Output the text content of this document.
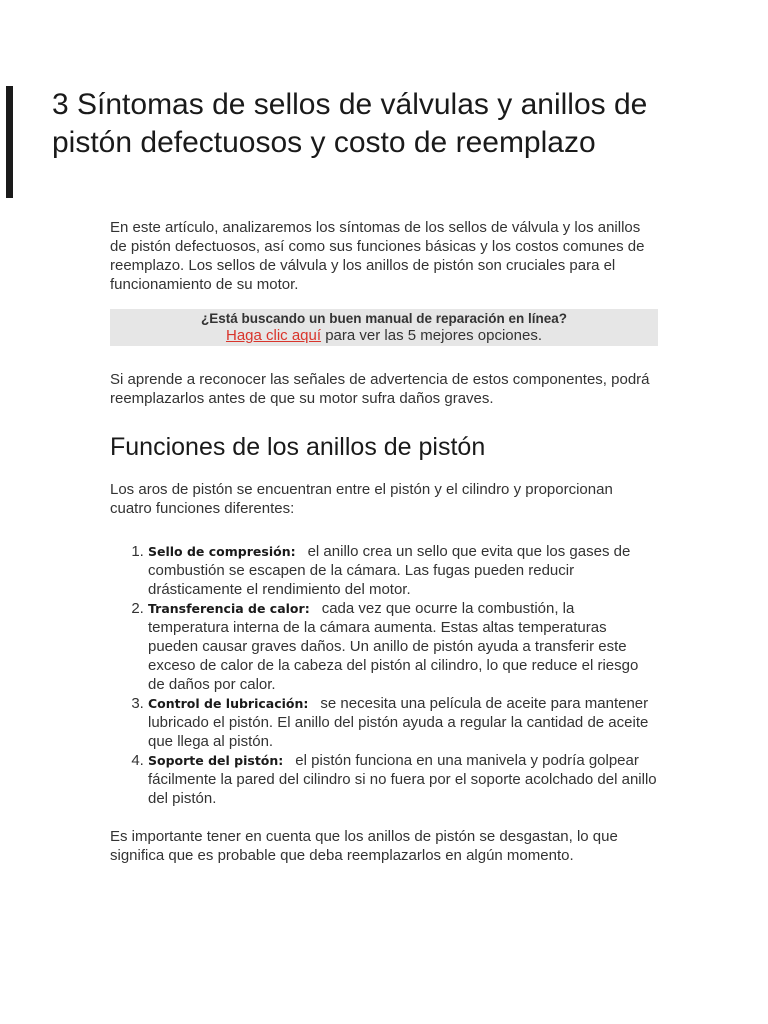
3 Síntomas de sellos de válvulas y anillos de pistón defectuosos y costo de reemplazo

En este artículo, analizaremos los síntomas de los sellos de válvula y los anillos de pistón defectuosos, así como sus funciones básicas y los costos comunes de reemplazo. Los sellos de válvula y los anillos de pistón son cruciales para el funcionamiento de su motor.

¿Está buscando un buen manual de reparación en línea?
Haga clic aquí para ver las 5 mejores opciones.

Si aprende a reconocer las señales de advertencia de estos componentes, podrá reemplazarlos antes de que su motor sufra daños graves.

Funciones de los anillos de pistón

Los aros de pistón se encuentran entre el pistón y el cilindro y proporcionan cuatro funciones diferentes:

1. Sello de compresión: el anillo crea un sello que evita que los gases de combustión se escapen de la cámara. Las fugas pueden reducir drásticamente el rendimiento del motor.
2. Transferencia de calor: cada vez que ocurre la combustión, la temperatura interna de la cámara aumenta. Estas altas temperaturas pueden causar graves daños. Un anillo de pistón ayuda a transferir este exceso de calor de la cabeza del pistón al cilindro, lo que reduce el riesgo de daños por calor.
3. Control de lubricación: se necesita una película de aceite para mantener lubricado el pistón. El anillo del pistón ayuda a regular la cantidad de aceite que llega al pistón.
4. Soporte del pistón: el pistón funciona en una manivela y podría golpear fácilmente la pared del cilindro si no fuera por el soporte acolchado del anillo del pistón.

Es importante tener en cuenta que los anillos de pistón se desgastan, lo que significa que es probable que deba reemplazarlos en algún momento.
